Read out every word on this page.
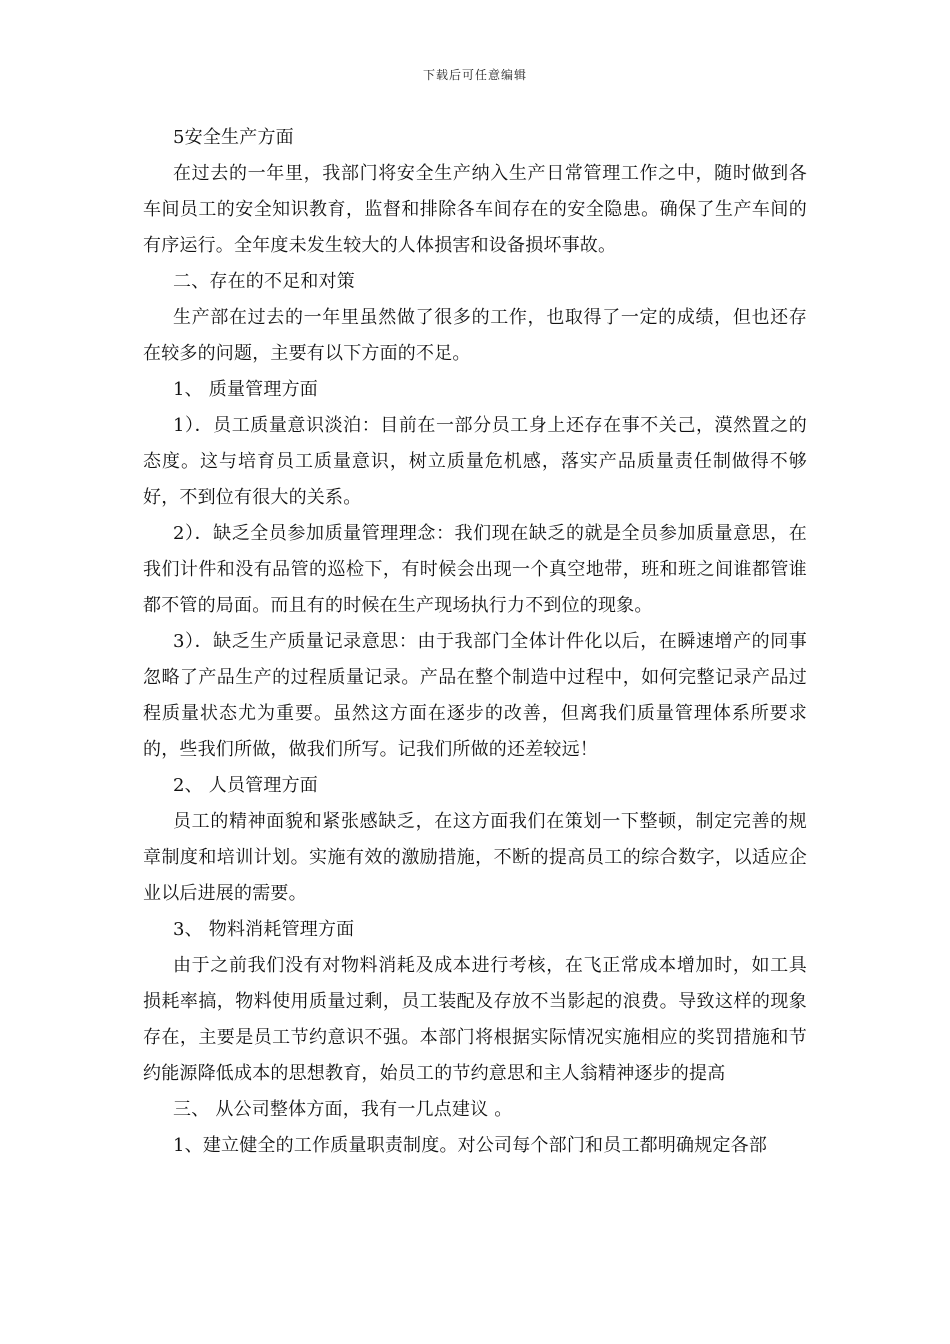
下载后可任意编辑

5安全生产方面

在过去的一年里，我部门将安全生产纳入生产日常管理工作之中，随时做到各车间员工的安全知识教育，监督和排除各车间存在的安全隐患。确保了生产车间的有序运行。全年度未发生较大的人体损害和设备损坏事故。

二、存在的不足和对策

生产部在过去的一年里虽然做了很多的工作，也取得了一定的成绩，但也还存在较多的问题，主要有以下方面的不足。

1、 质量管理方面

1）．员工质量意识淡泊：目前在一部分员工身上还存在事不关己，漠然置之的态度。这与培育员工质量意识，树立质量危机感，落实产品质量责任制做得不够好，不到位有很大的关系。

2）．缺乏全员参加质量管理理念：我们现在缺乏的就是全员参加质量意思，在我们计件和没有品管的巡检下，有时候会出现一个真空地带，班和班之间谁都管谁都不管的局面。而且有的时候在生产现场执行力不到位的现象。

3）．缺乏生产质量记录意思：由于我部门全体计件化以后，在瞬速增产的同事忽略了产品生产的过程质量记录。产品在整个制造中过程中，如何完整记录产品过程质量状态尤为重要。虽然这方面在逐步的改善，但离我们质量管理体系所要求的，些我们所做，做我们所写。记我们所做的还差较远！

2、 人员管理方面

员工的精神面貌和紧张感缺乏，在这方面我们在策划一下整顿，制定完善的规章制度和培训计划。实施有效的激励措施，不断的提高员工的综合数字，以适应企业以后进展的需要。

3、 物料消耗管理方面

由于之前我们没有对物料消耗及成本进行考核，在飞正常成本增加时，如工具损耗率搞，物料使用质量过剩，员工装配及存放不当影起的浪费。导致这样的现象存在，主要是员工节约意识不强。本部门将根据实际情况实施相应的奖罚措施和节约能源降低成本的思想教育，始员工的节约意思和主人翁精神逐步的提高

三、 从公司整体方面，我有一几点建议 。

1、建立健全的工作质量职责制度。对公司每个部门和员工都明确规定各部
